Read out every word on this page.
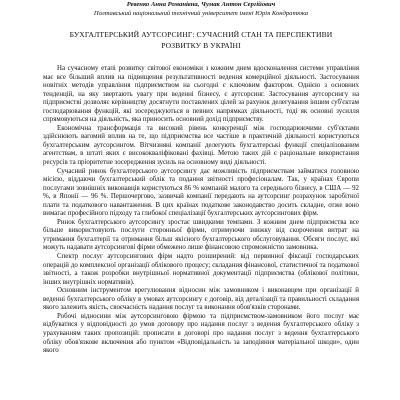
Ревенко Анна Романівна, Чумак Антон Сергійович
Полтавський національний технічний університет імені Юрія Кондратюка
БУХГАЛТЕРСЬКИЙ АУТСОРСИНГ: СУЧАСНИЙ СТАН ТА ПЕРСПЕКТИВИ
РОЗВИТКУ В УКРАЇНІ

На сучасному етапі розвитку світової економіки з кожним днем вдосконалення системи управління має все більший вплив на підвищення результативності ведення комерційної діяльності. Застосування новітніх методів управління підприємством на сьогодні є ключовим фактором. Однією з основних тенденцій, на яку звертають увагу при веденні бізнесу, є аутсорсинг. Застосування аутсорсингу на підприємстві дозволяє керівництву досягнути поставлених цілей за рахунок делегування іншим суб'єктам господарювання функцій, які зосереджуються в певних напрямках діяльності, тоді як основні зусилля спрямовуються на діяльність, яка приносить основний дохід підприємству.

Економічна трансформація та високий рівень конкуренції між господарюючими суб'єктами здійснюють вагомий вплив на те, що підприємства все частіше в практичній діяльності користуються бухгалтерським аутсорсингом. Вітчизняні компанії делегують бухгалтерські функції спеціалізованим агентствам, в штаті яких є висококваліфіковані фахівці. Метою таких дій є раціональне використання ресурсів та пріоритетне зосередження зусиль на основному виді діяльності.

Сучасний ринок бухгалтерського аутсорсингу дає можливість підприємствам займатися головною місією, віддаючи бухгалтерський облік та подання звітності професіоналам. Так, у країнах Європи послугами зовнішніх виконавців користуються 86 % компаній малого та середнього бізнесу, в США — 92 %, в Японії — 96 %. Першочергово, зазвичай компанії передають на аутсорсинг розрахунок заробітної плати та податкового навантаження. В цих країнах податкове законодавство досить складне, отже воно вимагає професійного підходу та глибокої спеціалізації бухгалтерських аутсорсингових фірм.

Ринок бухгалтерського аутсорсингу зростає швидкими темпами. З кожним днем підприємства все більше використовують послуги сторонньої фірми, отримуючи знижку від скорочення витрат на утримання бухгалтерії та отримання більш якісного бухгалтерського обслуговування. Обсяги послуг, які можуть надавати аутсорсингові фірми обмежено лише фінансовою спроможністю замовника.

Спектр послуг аутсорсингових фірм надто розширений: від первинної фіксації господарських операцій до комплексної організації облікового процесу; складання фінансової, статистичної та податкової звітності, а також розробки внутрішньої нормативної документації підприємства (облікової політики, інших внутрішніх нормативів).

Основним інструментом врегулювання відносин між замовником і виконавцем при організації й веденні бухгалтерського обліку в умовах аутсорсингу є договір, від деталізації та правильності складання якого залежить якість, своєчасність надання послуг та виконання обов'язків сторонами.

Робочі відносини між аутсорсинговою фірмою та підприємством-замовником його послуг має відбуватися у відповідності до умов договору про надання послуг з ведення бухгалтерського обліку з урахуванням таких пропозицій: прописати в договорі про надання послуг з ведення бухгалтерського обліку обов'язкове включення або пунктом «Відповідальність за заподіяння матеріальної шкоди», один якого
